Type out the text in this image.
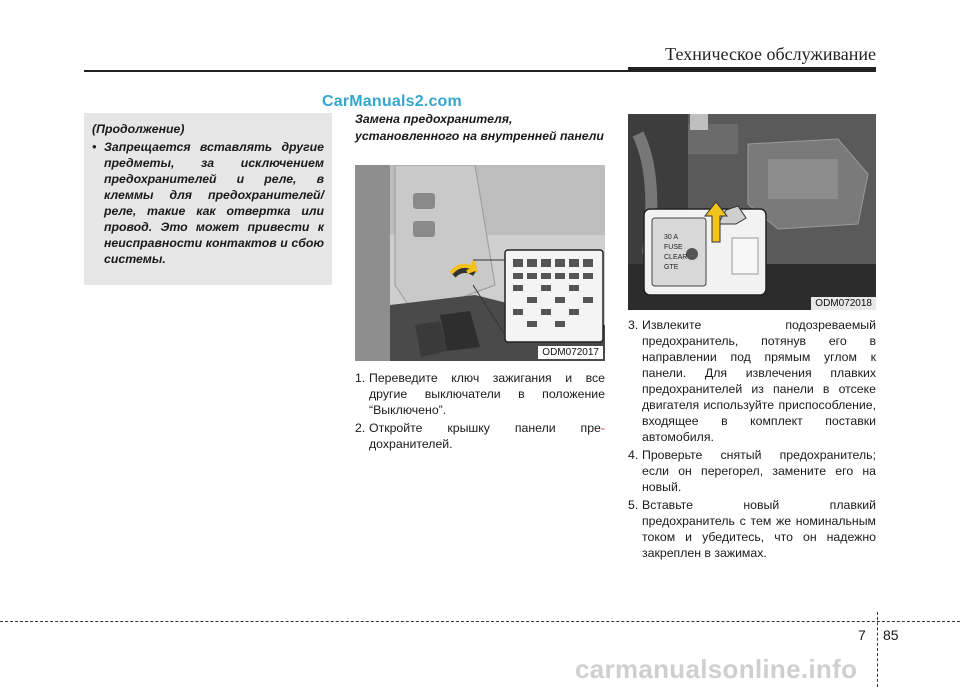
Техническое обслуживание
CarManuals2.com
(Продолжение)
• Запрещается вставлять другие предметы, за исключением предохранителей и реле, в клеммы для предохранителей/реле, такие как отвертка или провод. Это может привести к неисправности контактов и сбою системы.
Замена предохранителя, установленного на внутренней панели
ODM072017
30 A
FUSE
CLEAR
GTE
ODM072018
1. Переведите ключ зажигания и все другие выключатели в положение “Выключено”.
2. Откройте крышку панели пре-дохранителей.
3. Извлеките подозреваемый предохранитель, потянув его в направлении под прямым углом к панели. Для извлечения плавких предохранителей из панели в отсеке двигателя используйте приспособление, входящее в комплект поставки автомобиля.
4. Проверьте снятый предохранитель; если он перегорел, замените его на новый.
5. Вставьте новый плавкий предохранитель с тем же номинальным током и убедитесь, что он надежно закреплен в зажимах.
7 85
carmanualsonline.info
